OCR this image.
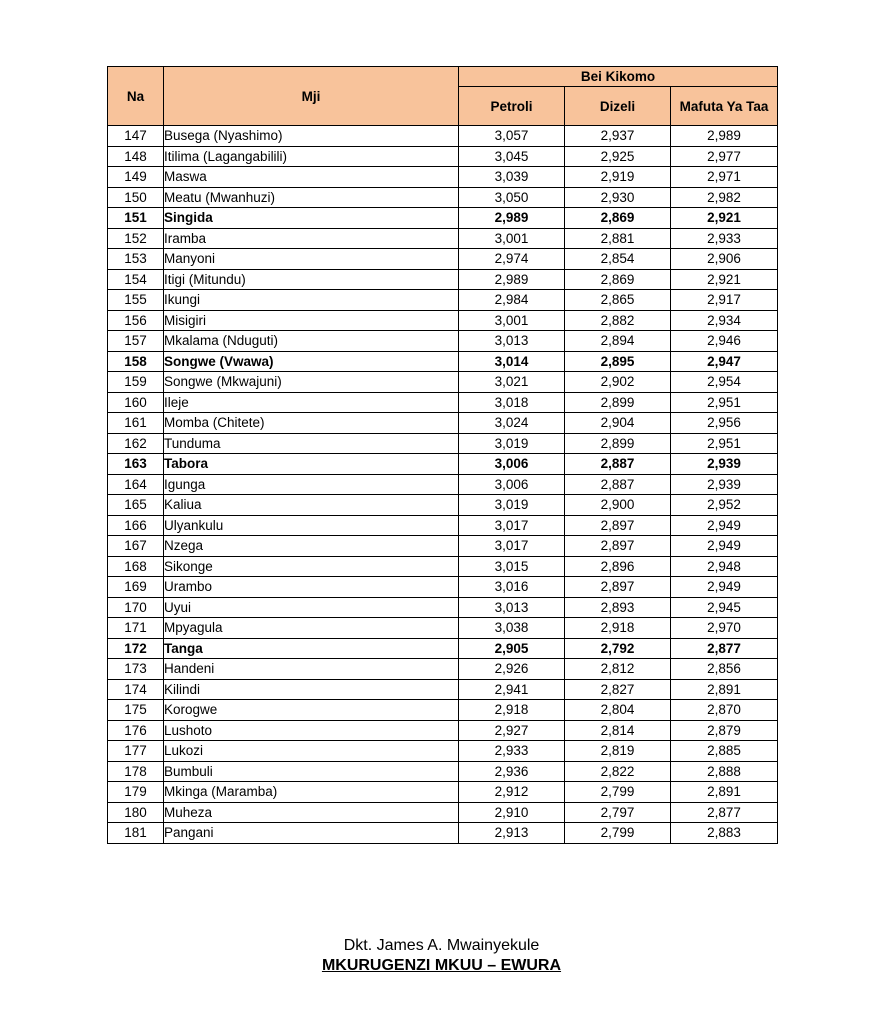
Na	Mji	Bei Kikomo		
		Petroli	Dizeli	Mafuta Ya Taa
147	Busega (Nyashimo)	3,057	2,937	2,989
148	Itilima (Lagangabilili)	3,045	2,925	2,977
149	Maswa	3,039	2,919	2,971
150	Meatu (Mwanhuzi)	3,050	2,930	2,982
151	Singida	2,989	2,869	2,921
152	Iramba	3,001	2,881	2,933
153	Manyoni	2,974	2,854	2,906
154	Itigi (Mitundu)	2,989	2,869	2,921
155	Ikungi	2,984	2,865	2,917
156	Misigiri	3,001	2,882	2,934
157	Mkalama (Nduguti)	3,013	2,894	2,946
158	Songwe (Vwawa)	3,014	2,895	2,947
159	Songwe (Mkwajuni)	3,021	2,902	2,954
160	Ileje	3,018	2,899	2,951
161	Momba (Chitete)	3,024	2,904	2,956
162	Tunduma	3,019	2,899	2,951
163	Tabora	3,006	2,887	2,939
164	Igunga	3,006	2,887	2,939
165	Kaliua	3,019	2,900	2,952
166	Ulyankulu	3,017	2,897	2,949
167	Nzega	3,017	2,897	2,949
168	Sikonge	3,015	2,896	2,948
169	Urambo	3,016	2,897	2,949
170	Uyui	3,013	2,893	2,945
171	Mpyagula	3,038	2,918	2,970
172	Tanga	2,905	2,792	2,877
173	Handeni	2,926	2,812	2,856
174	Kilindi	2,941	2,827	2,891
175	Korogwe	2,918	2,804	2,870
176	Lushoto	2,927	2,814	2,879
177	Lukozi	2,933	2,819	2,885
178	Bumbuli	2,936	2,822	2,888
179	Mkinga (Maramba)	2,912	2,799	2,891
180	Muheza	2,910	2,797	2,877
181	Pangani	2,913	2,799	2,883
Dkt. James A. Mwainyekule
MKURUGENZI MKUU – EWURA
